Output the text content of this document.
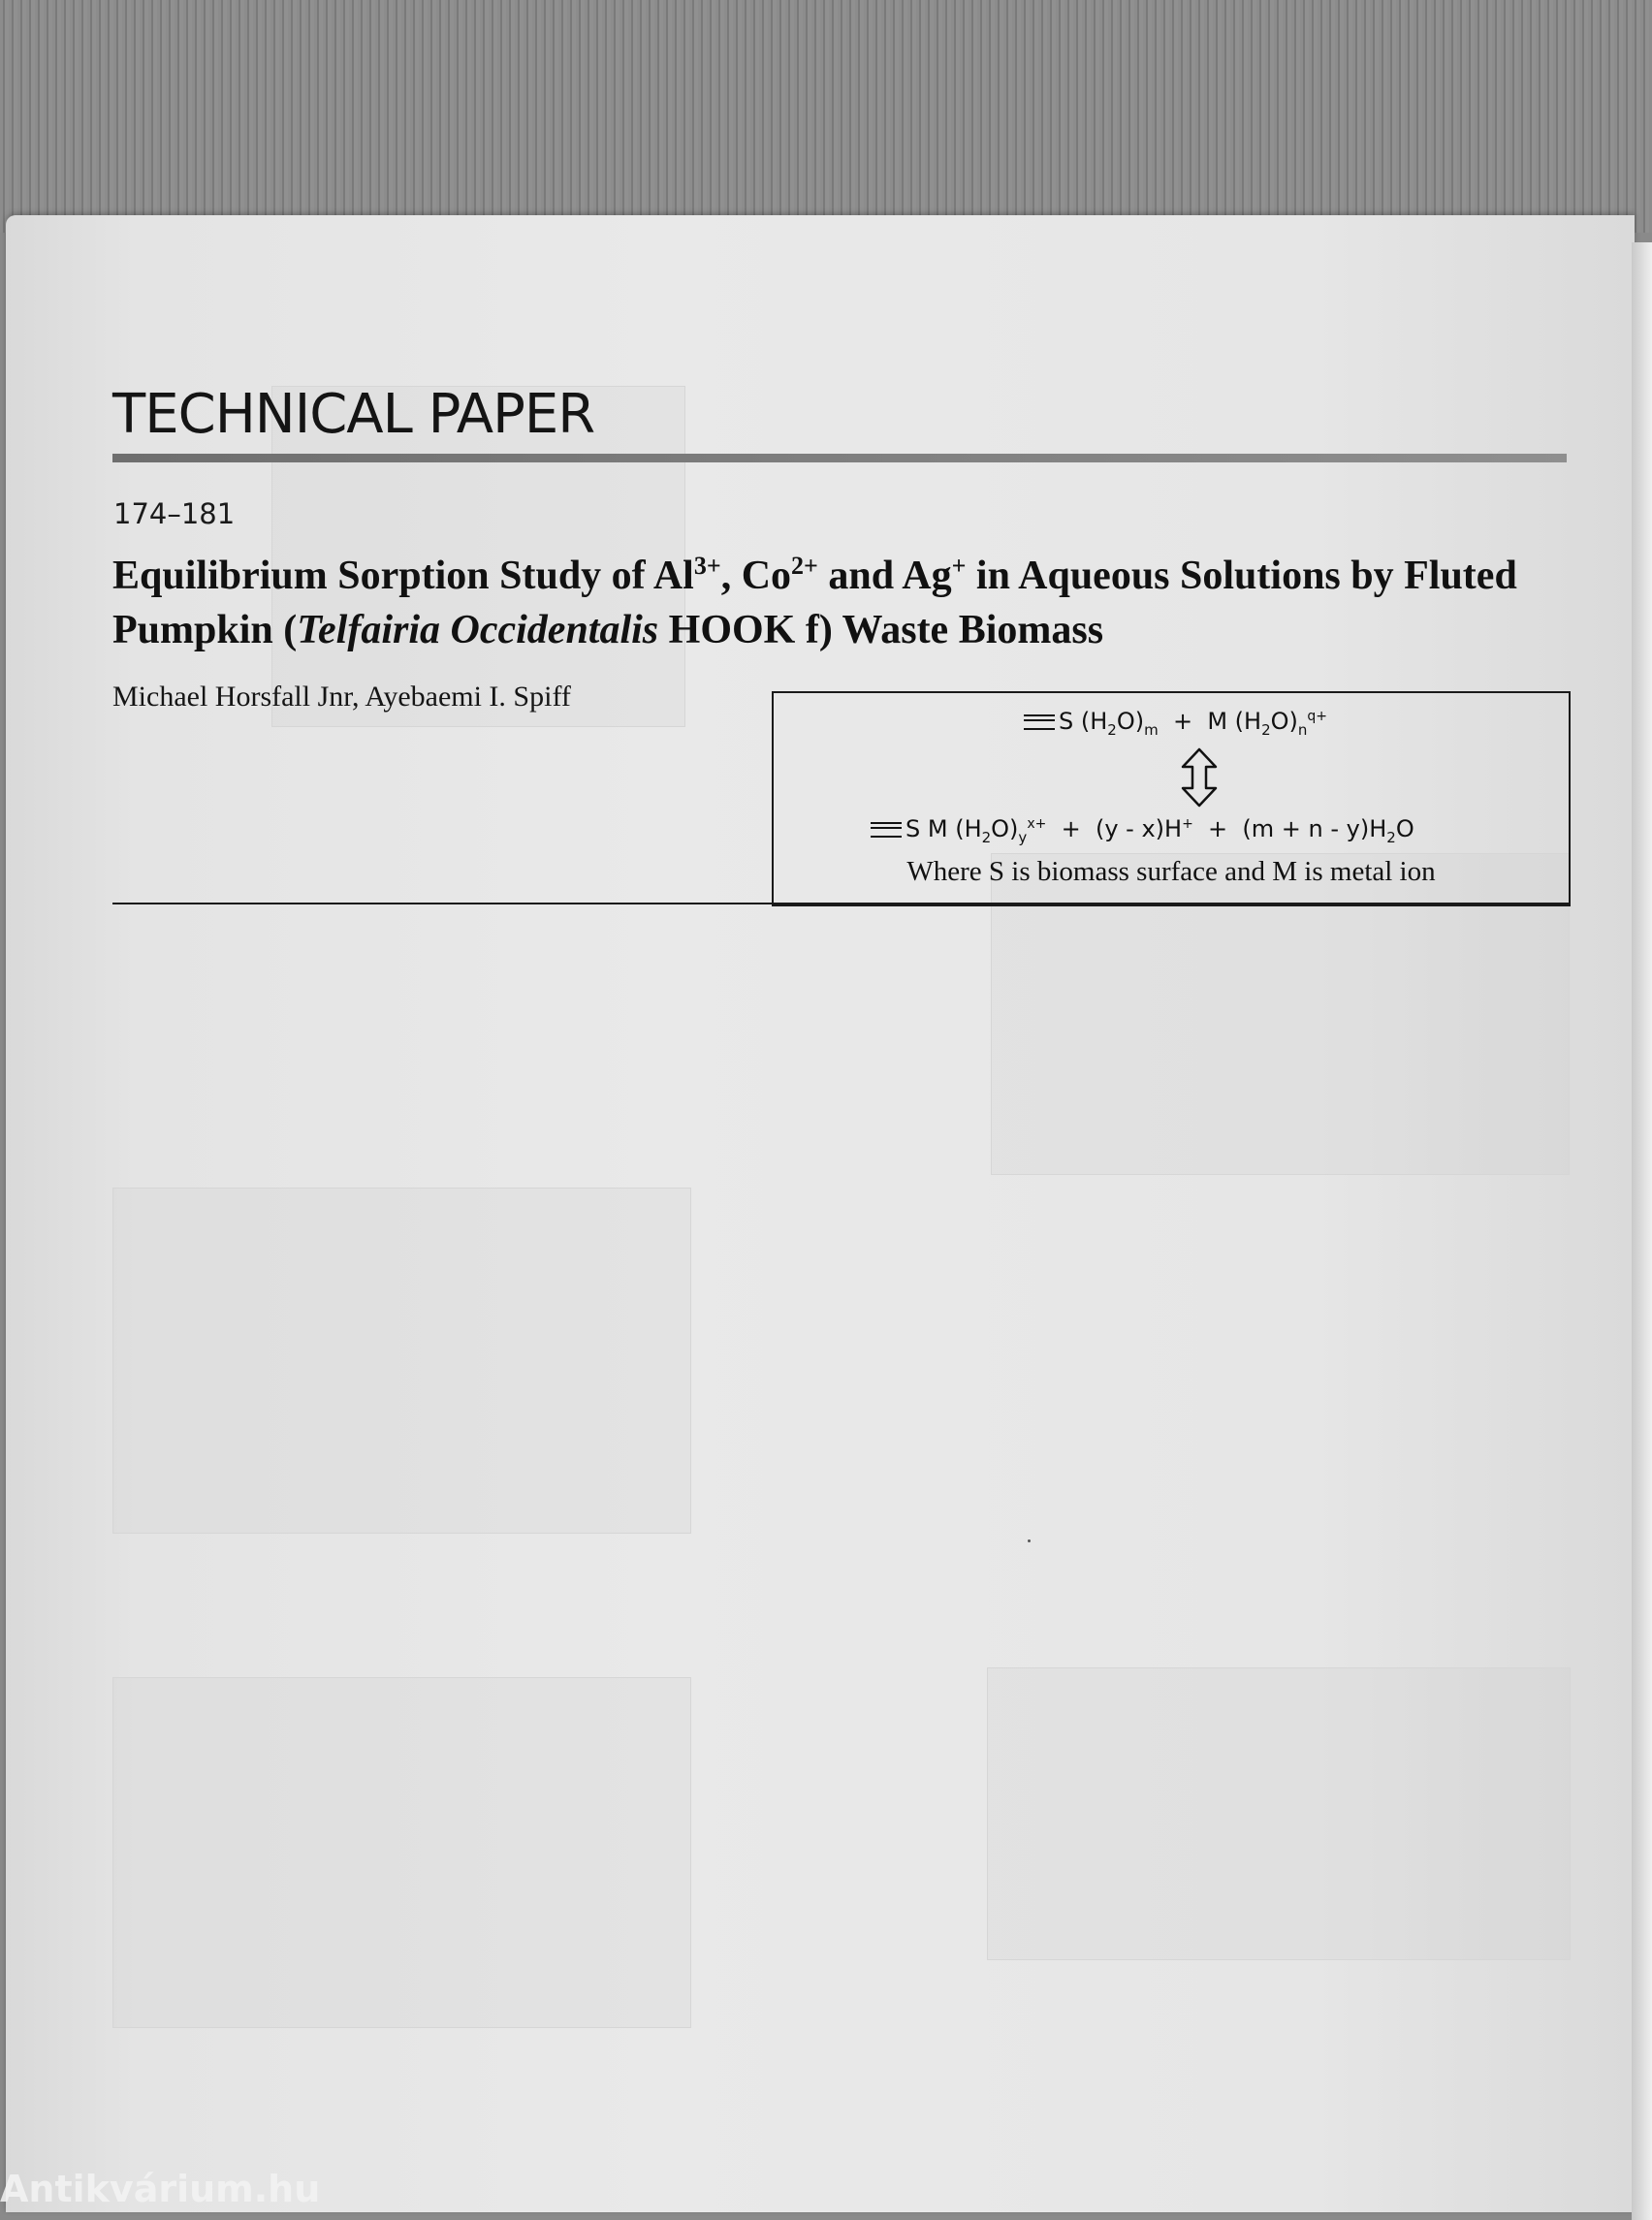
TECHNICAL PAPER
174–181
Equilibrium Sorption Study of $Al^{3+}$, $Co^{2+}$ and Ag+ in Aqueous Solutions by Fluted Pumpkin (Telfairia Occidentalis HOOK f) Waste Biomass
Michael Horsfall Jnr, Ayebaemi I. Spiff
S $(H_2O)_m + M$ $(H_2O)_n^{q+}$
S M $(H_2O)_y^{x+} + (y - x)H^+ + (m + n - y)H_2O$
Where S is biomass surface and M is metal ion
Antikvárium.hu
